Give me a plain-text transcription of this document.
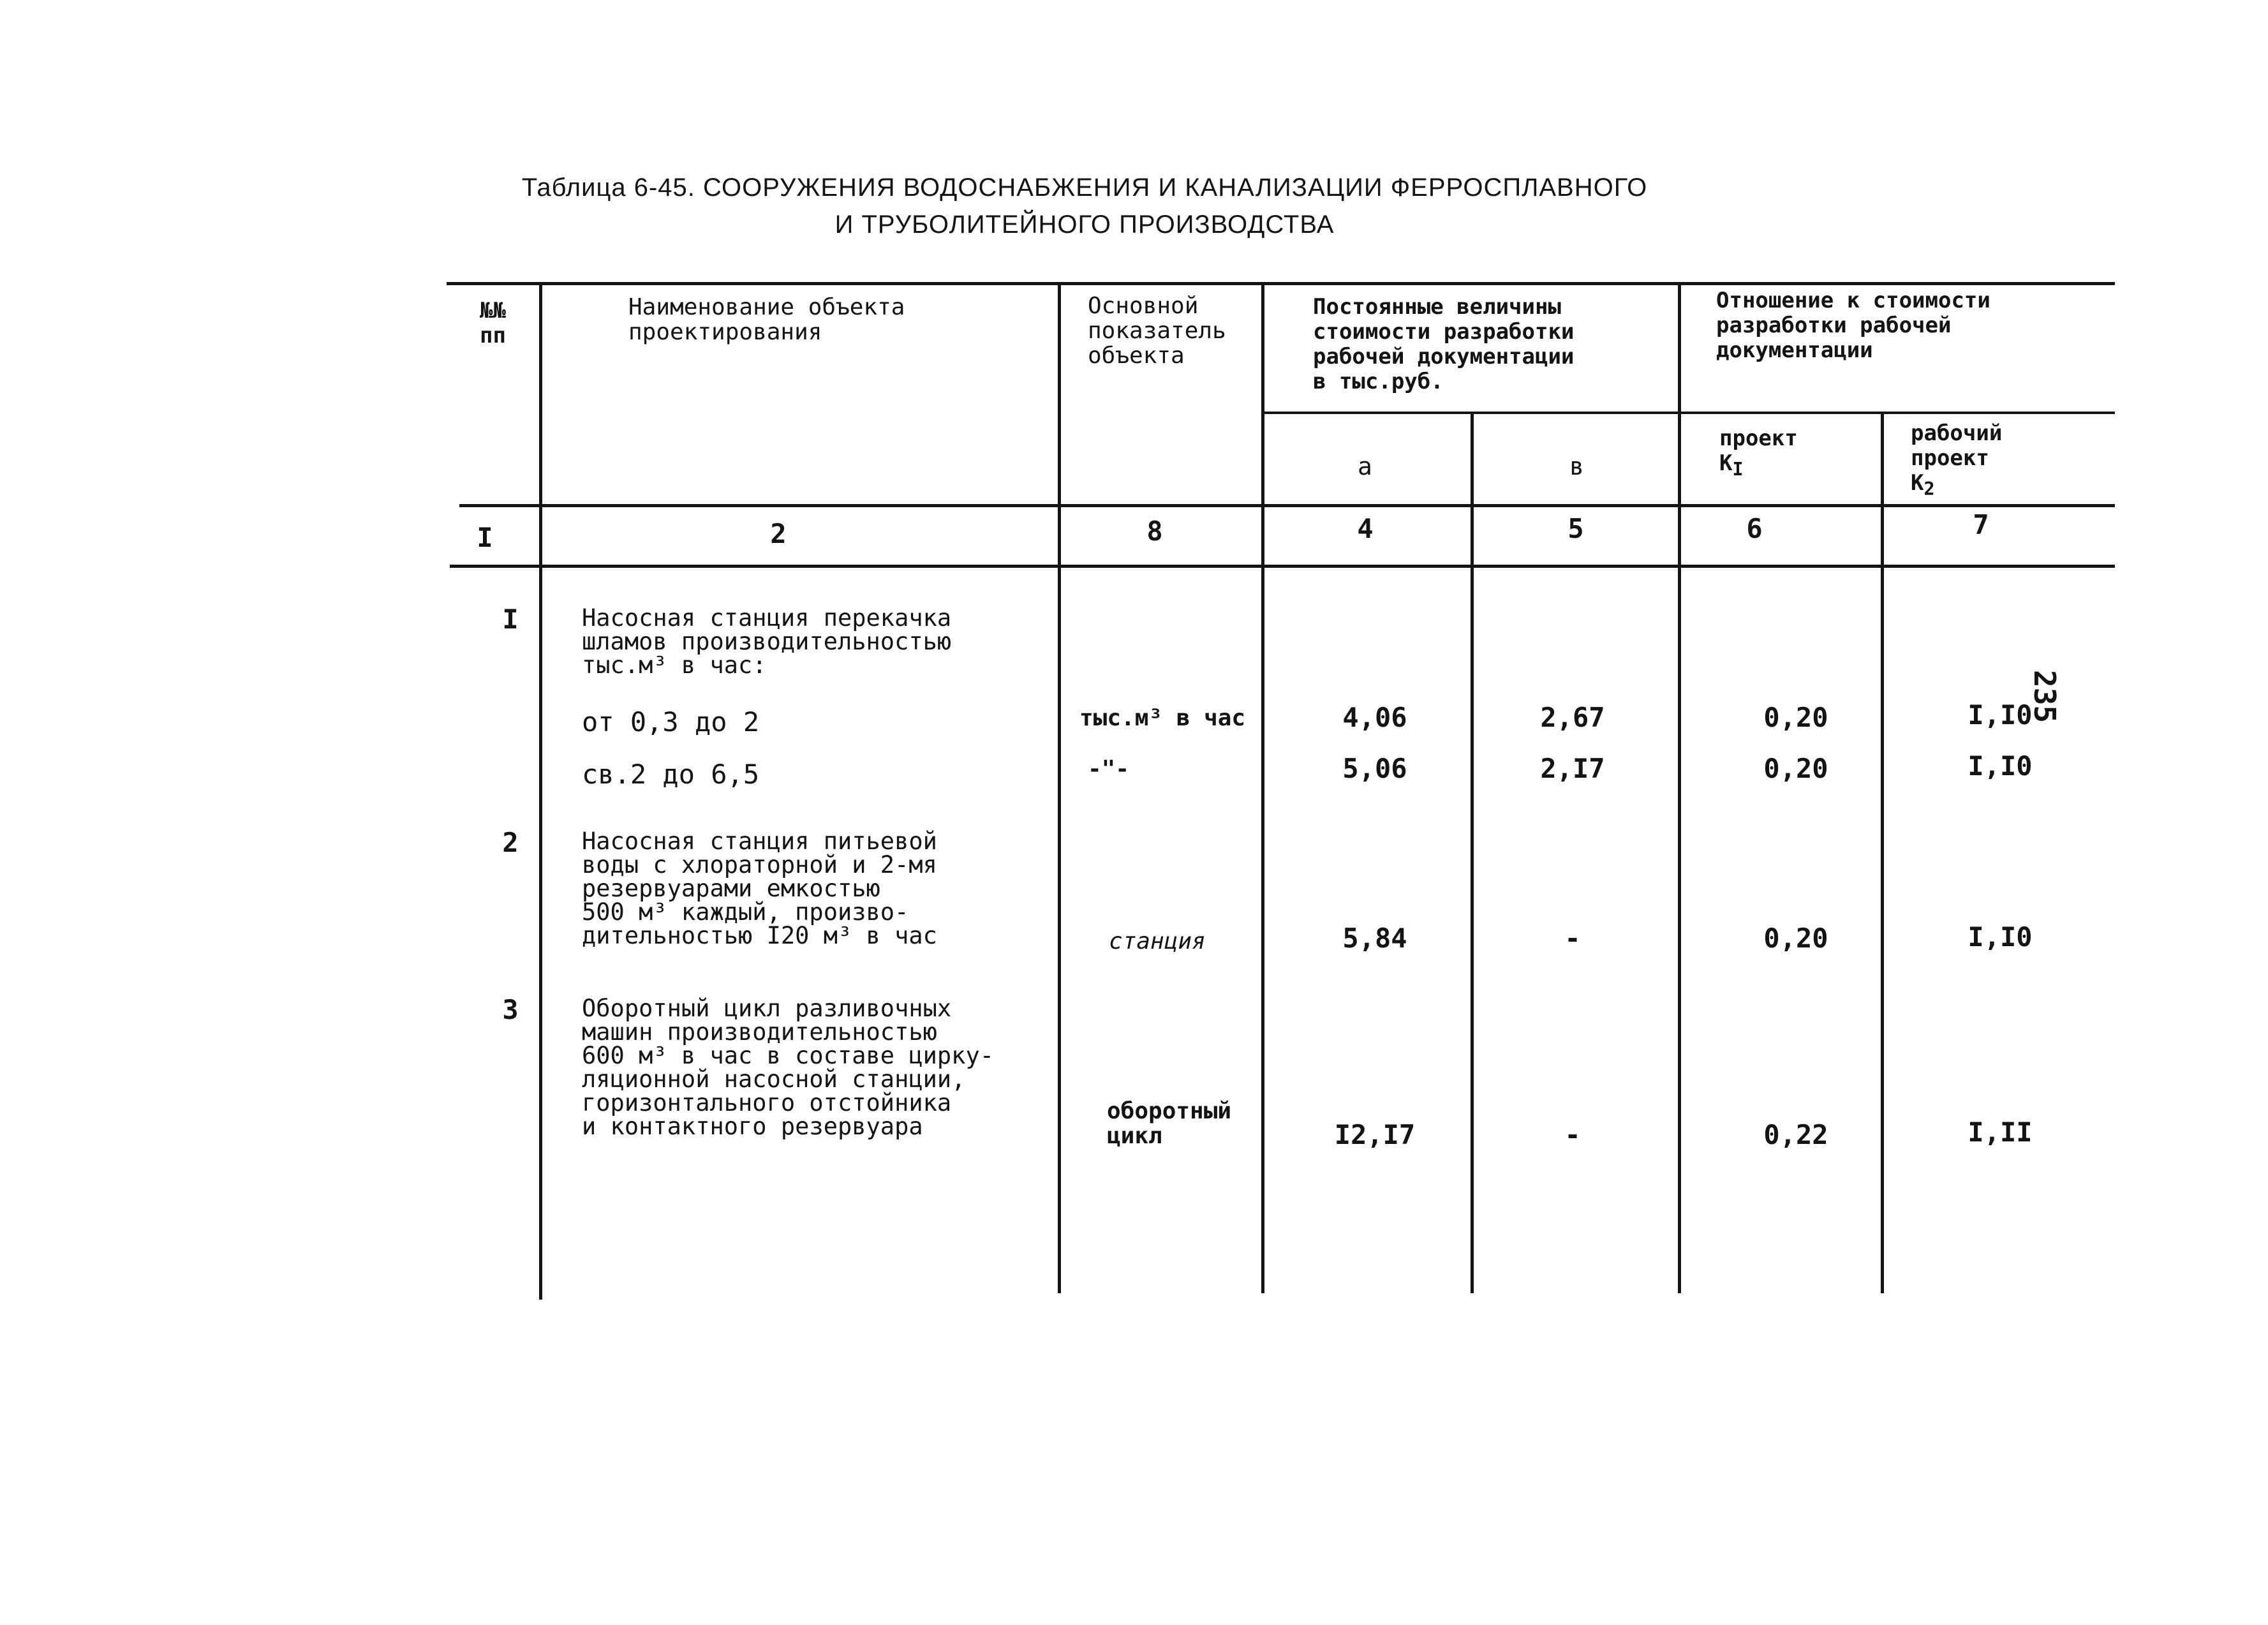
Таблица 6-45. СООРУЖЕНИЯ ВОДОСНАБЖЕНИЯ И КАНАЛИЗАЦИИ ФЕРРОСПЛАВНОГО
И ТРУБОЛИТЕЙНОГО ПРОИЗВОДСТВА
№№
пп
Наименование объекта
проектирования
Основной
показатель
объекта
Постоянные величины
стоимости разработки
рабочей документации
в тыс.руб.
Отношение к стоимости
разработки рабочей
документации
а	в
проект
$К_I$
рабочий
проект
$К_2$
I	2	8	4	5	6	7
I	Насосная станция перекачка
шламов производительностью
тыс.м³ в час:
от 0,3 до 2	тыс.м³ в час	4,06	2,67	0,20	I,I0
св.2 до 6,5	-"-	5,06	2,I7	0,20	I,I0
2	Насосная станция питьевой
воды с хлораторной и 2-мя
резервуарами емкостью
500 м³ каждый, произво-
дительностью I20 м³ в час	станция	5,84	-	0,20	I,I0
3	Оборотный цикл разливочных
машин производительностью
600 м³ в час в составе цирку-
ляционной насосной станции,
горизонтального отстойника
и контактного резервуара
оборотный
цикл	I2,I7	-	0,22	I,II
235
